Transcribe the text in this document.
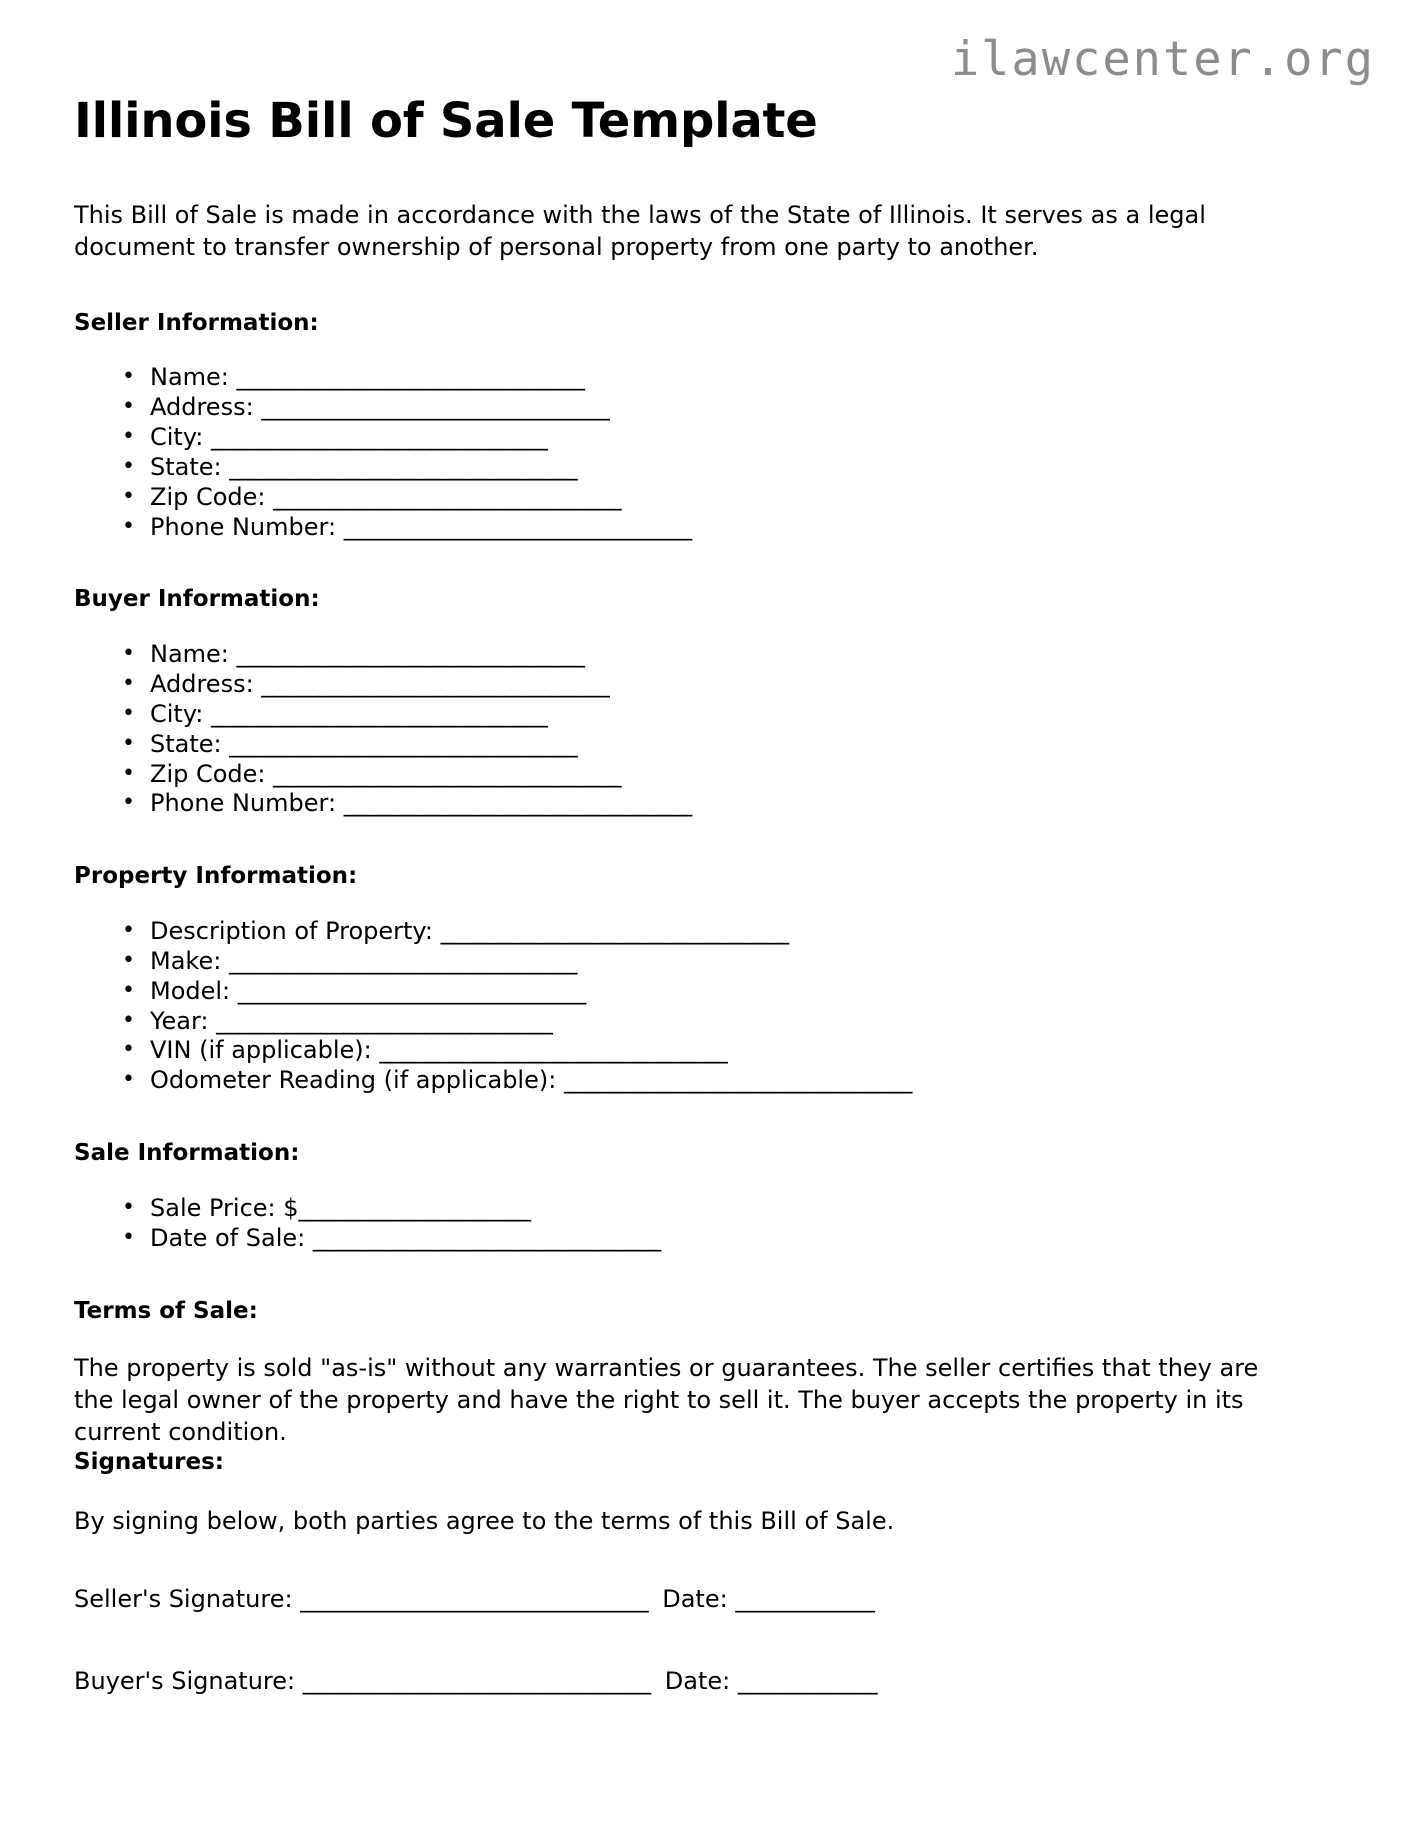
ilawcenter.org
Illinois Bill of Sale Template

This Bill of Sale is made in accordance with the laws of the State of Illinois. It serves as a legal document to transfer ownership of personal property from one party to another.

Seller Information:
• Name: ______________________________
• Address: ______________________________
• City: _____________________________
• State: ______________________________
• Zip Code: ______________________________
• Phone Number: ______________________________
Buyer Information:
• Name: ______________________________
• Address: ______________________________
• City: _____________________________
• State: ______________________________
• Zip Code: ______________________________
• Phone Number: ______________________________
Property Information:
• Description of Property: ______________________________
• Make: ______________________________
• Model: ______________________________
• Year: _____________________________
• VIN (if applicable): ______________________________
• Odometer Reading (if applicable): ______________________________
Sale Information:
• Sale Price: $____________________
• Date of Sale: ______________________________
Terms of Sale:

The property is sold "as-is" without any warranties or guarantees. The seller certifies that they are the legal owner of the property and have the right to sell it. The buyer accepts the property in its current condition.

Signatures:

By signing below, both parties agree to the terms of this Bill of Sale.

Seller's Signature: ______________________________ Date: ____________
Buyer's Signature: ______________________________ Date: ____________
